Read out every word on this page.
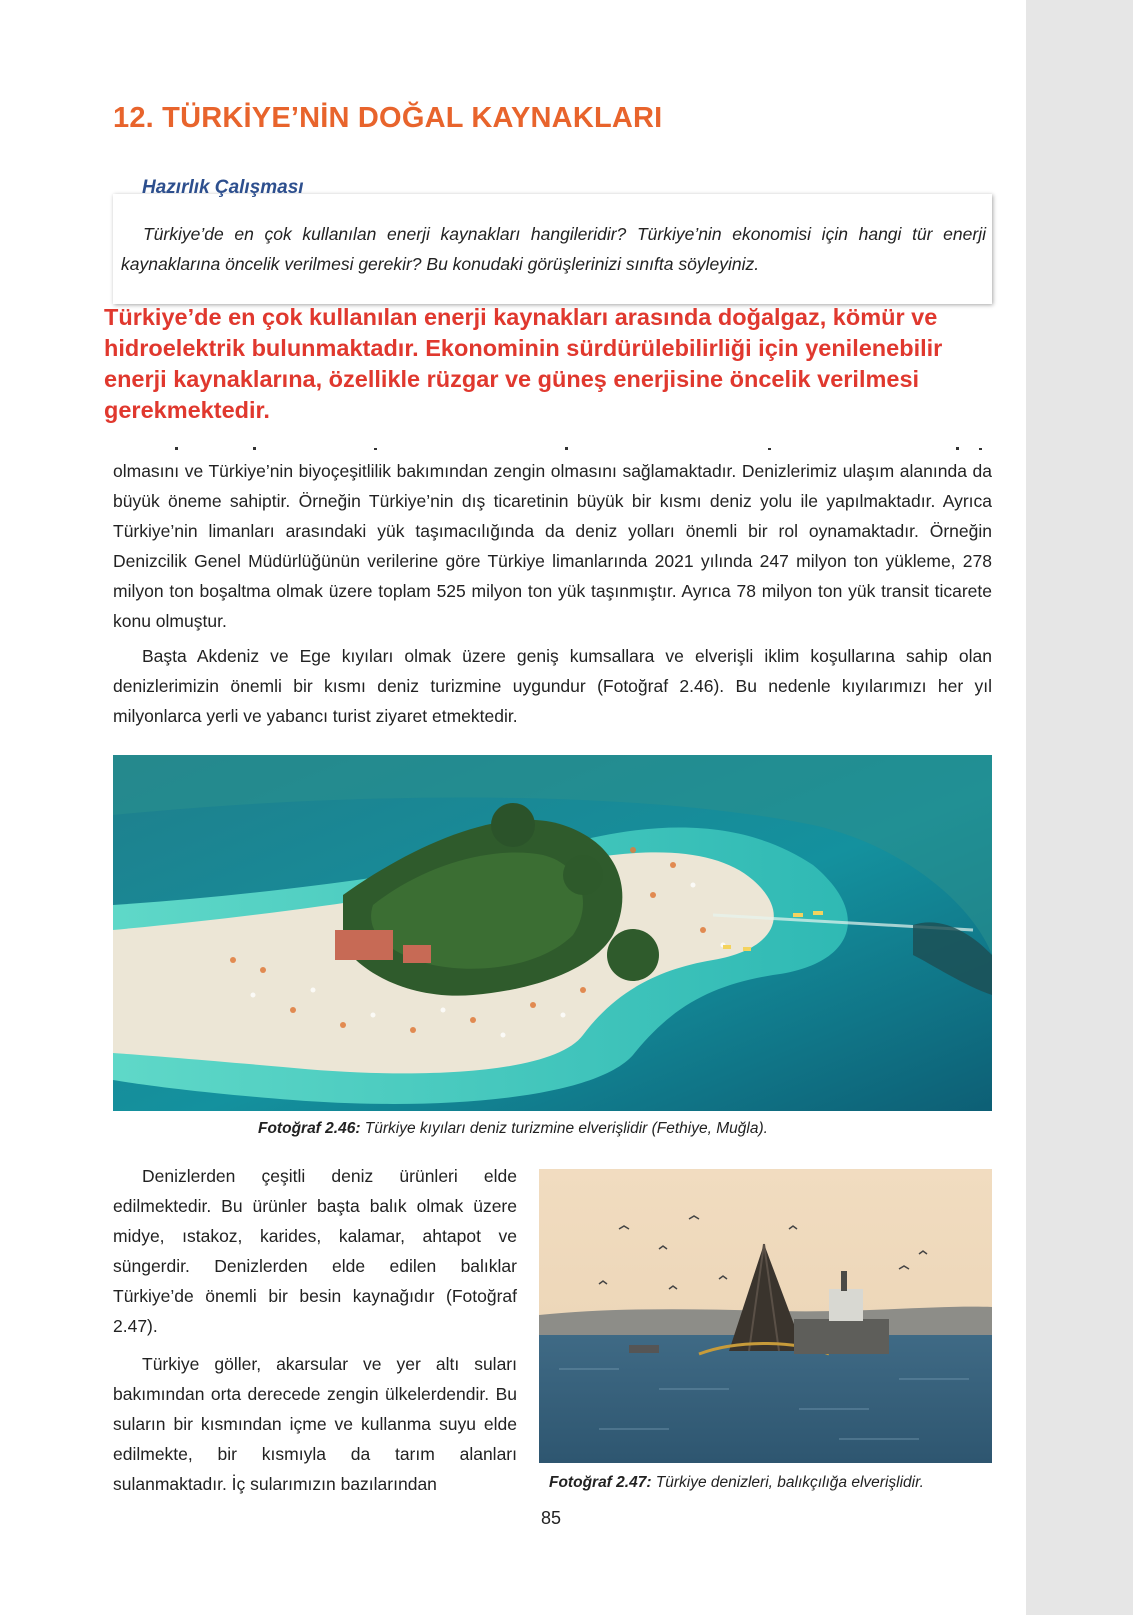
12. TÜRKİYE’NİN DOĞAL KAYNAKLARI
Türkiye’de en çok kullanılan enerji kaynakları hangileridir? Türkiye’nin ekonomisi için hangi tür enerji kaynaklarına öncelik verilmesi gerekir? Bu konudaki görüşlerinizi sınıfta söyleyiniz.
Hazırlık Çalışması
Türkiye’de en çok kullanılan enerji kaynakları arasında doğalgaz, kömür ve hidroelektrik bulunmaktadır. Ekonominin sürdürülebilirliği için yenilenebilir enerji kaynaklarına, özellikle rüzgar ve güneş enerjisine öncelik verilmesi gerekmektedir.
olmasını ve Türkiye’nin biyoçeşitlilik bakımından zengin olmasını sağlamaktadır. Denizlerimiz ulaşım alanında da büyük öneme sahiptir. Örneğin Türkiye’nin dış ticaretinin büyük bir kısmı deniz yolu ile yapılmaktadır. Ayrıca Türkiye’nin limanları arasındaki yük taşımacılığında da deniz yolları önemli bir rol oynamaktadır. Örneğin Denizcilik Genel Müdürlüğünün verilerine göre Türkiye limanlarında 2021 yılında 247 milyon ton yükleme, 278 milyon ton boşaltma olmak üzere toplam 525 milyon ton yük taşınmıştır. Ayrıca 78 milyon ton yük transit ticarete konu olmuştur.
Başta Akdeniz ve Ege kıyıları olmak üzere geniş kumsallara ve elverişli iklim koşullarına sahip olan denizlerimizin önemli bir kısmı deniz turizmine uygundur (Fotoğraf 2.46). Bu nedenle kıyılarımızı her yıl milyonlarca yerli ve yabancı turist ziyaret etmektedir.
Fotoğraf 2.46: Türkiye kıyıları deniz turizmine elverişlidir (Fethiye, Muğla).
Denizlerden çeşitli deniz ürünleri elde edilmektedir. Bu ürünler başta balık olmak üzere midye, ıstakoz, karides, kalamar, ahtapot ve süngerdir. Denizlerden elde edilen balıklar Türkiye’de önemli bir besin kaynağıdır (Fotoğraf 2.47).
Türkiye göller, akarsular ve yer altı suları bakımından orta derecede zengin ülkelerdendir. Bu suların bir kısmından içme ve kullanma suyu elde edilmekte, bir kısmıyla da tarım alanları sulanmaktadır. İç sularımızın bazılarından	Fotoğraf 2.47: Türkiye denizleri, balıkçılığa elverişlidir.
85
